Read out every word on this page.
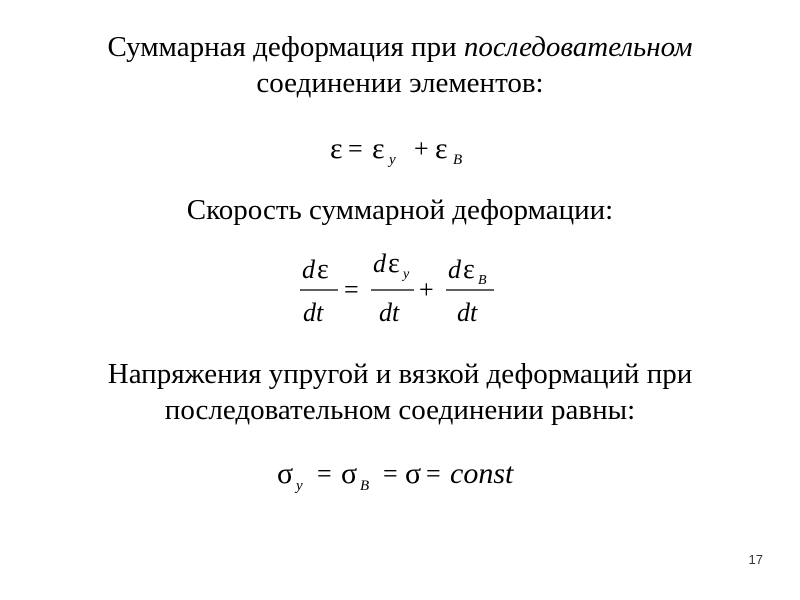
Суммарная деформация при последовательном
соединении элементов:
ε = ε у + ε В
Скорость суммарной деформации:
d ε
dt
=
d ε у
dt
+
d ε В
dt
Напряжения упругой и вязкой деформаций при
последовательном соединении равны:
σ у = σ В = σ = const
17
